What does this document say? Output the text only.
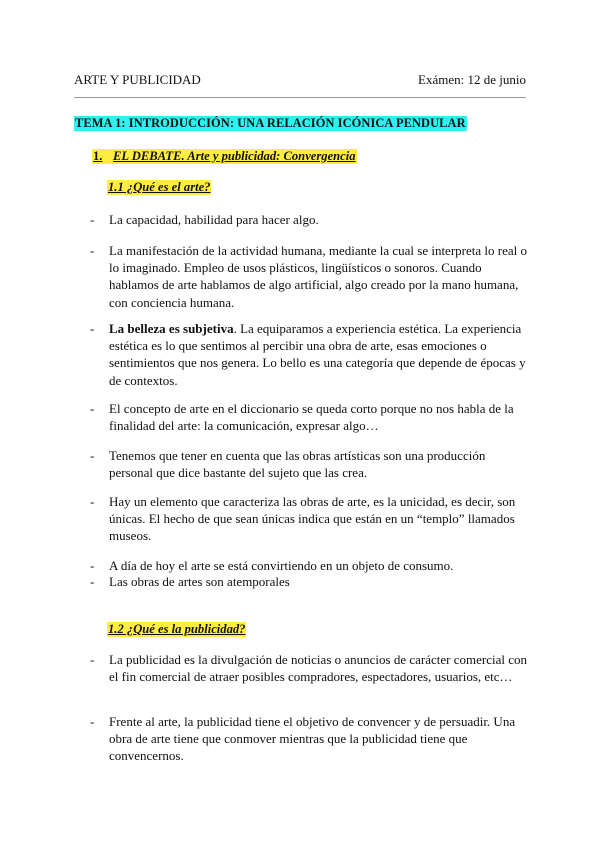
ARTE Y PUBLICIDAD	Exámen: 12 de junio
TEMA 1: INTRODUCCIÓN: UNA RELACIÓN ICÓNICA PENDULAR
1. EL DEBATE. Arte y publicidad: Convergencia
1.1 ¿Qué es el arte?
- La capacidad, habilidad para hacer algo.
- La manifestación de la actividad humana, mediante la cual se interpreta lo real o lo imaginado. Empleo de usos plásticos, lingüísticos o sonoros. Cuando hablamos de arte hablamos de algo artificial, algo creado por la mano humana, con conciencia humana.
- La belleza es subjetiva. La equiparamos a experiencia estética. La experiencia estética es lo que sentimos al percibir una obra de arte, esas emociones o sentimientos que nos genera. Lo bello es una categoría que depende de épocas y de contextos.
- El concepto de arte en el diccionario se queda corto porque no nos habla de la finalidad del arte: la comunicación, expresar algo…
- Tenemos que tener en cuenta que las obras artísticas son una producción personal que dice bastante del sujeto que las crea.
- Hay un elemento que caracteriza las obras de arte, es la unicidad, es decir, son únicas. El hecho de que sean únicas indica que están en un “templo” llamados museos.
- A día de hoy el arte se está convirtiendo en un objeto de consumo.
- Las obras de artes son atemporales
1.2 ¿Qué es la publicidad?
- La publicidad es la divulgación de noticias o anuncios de carácter comercial con el fin comercial de atraer posibles compradores, espectadores, usuarios, etc…
- Frente al arte, la publicidad tiene el objetivo de convencer y de persuadir. Una obra de arte tiene que conmover mientras que la publicidad tiene que convencernos.
